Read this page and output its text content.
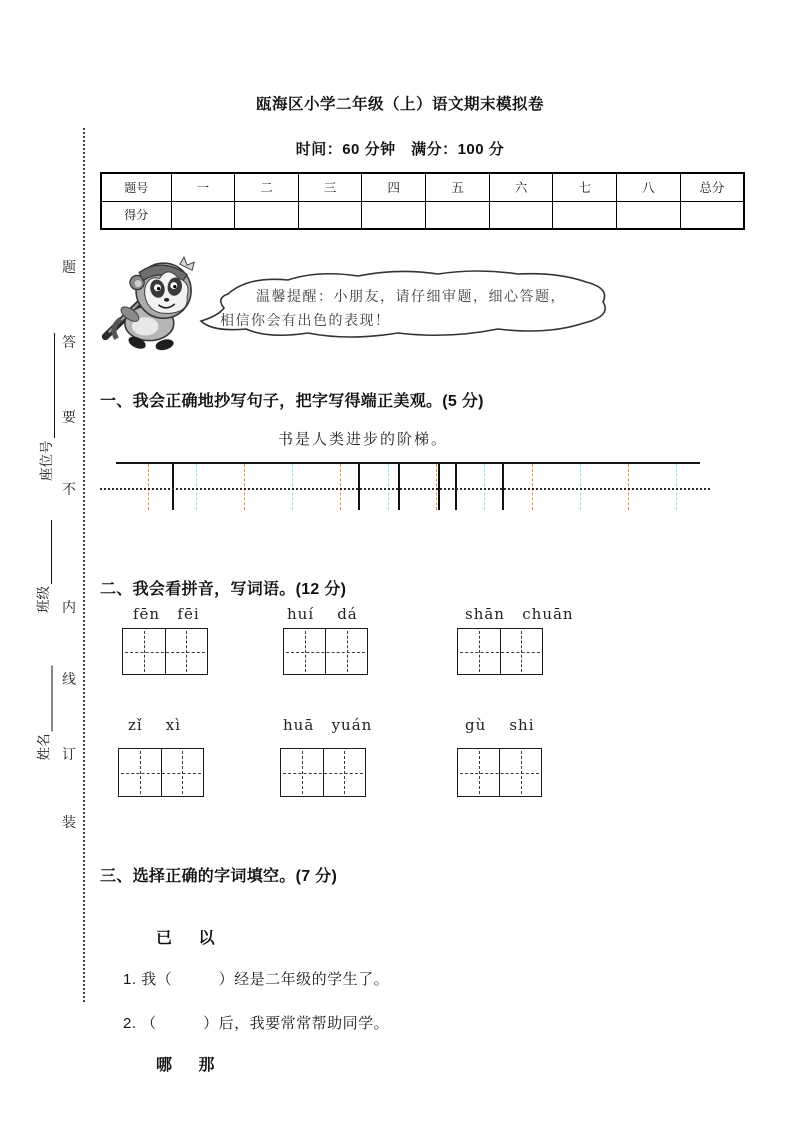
瓯海区小学二年级（上）语文期末模拟卷
时间：60 分钟　满分：100 分
题号	一	二	三	四	五	六	七	八	总分
得分									
题
答
要
不
内
线
订
装
座位号
班级
姓名
温馨提醒：小朋友，请仔细审题，细心答题，
相信你会有出色的表现！
一、我会正确地抄写句子，把字写得端正美观。(5 分)
书是人类进步的阶梯。
二、我会看拼音，写词语。(12 分)
fēn   fēi	huí    dá	shān   chuān
zǐ    xì	huā   yuán	gù    shi
三、选择正确的字词填空。(7 分)
已　 以
1. 我（　　　）经是二年级的学生了。
2. （　　　）后，我要常常帮助同学。
哪　 那
